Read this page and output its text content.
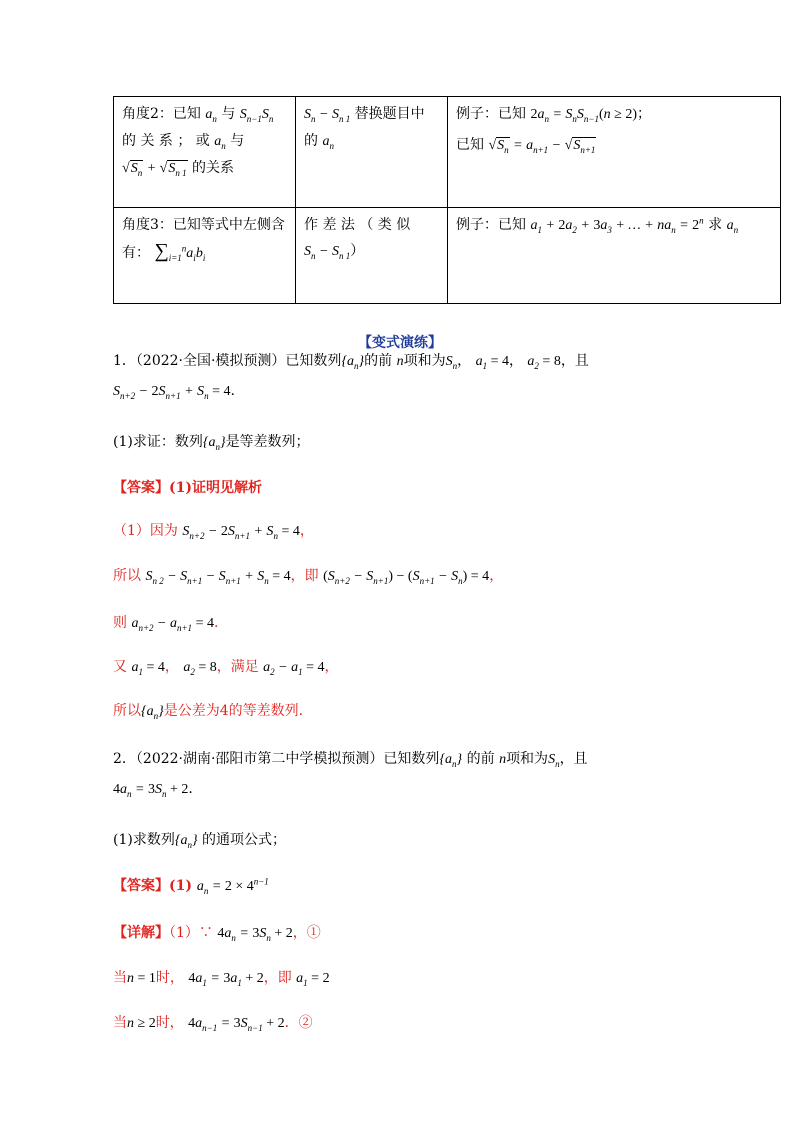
角度2：已知 $a_n$ 与 $S_{n-1}S_n$
的 关 系 ； 或 $a_n$ 与
$√S_n + √S_{n 1}$ 的关系	$S_n - S_{n 1}$ 替换题目中
的 $a_n$	例子：已知 $2a_n = S_nS_{n-1}(n \ge 2)$；
已知 $√S_n = a_{n+1} - √S_{n+1}$
角度3：已知等式中左侧含
有： $\sum_{i=1}^na_ib_i$	作 差 法 （ 类 似
$S_n - S_{n 1}$）	例子：已知 $a_1 + 2a_2 + 3a_3$ + … + $na_n = 2^n$ 求 $a_n$
【变式演练】
1．（2022·全国·模拟预测）已知数列$\{a_n\}$的前 n项和为$S_n$， $a_1 = 4$， $a_2 = 8$，且
$S_{n+2} - 2S_{n+1} + S_n = 4$.
(1)求证：数列$\{a_n\}$是等差数列；
【答案】(1)证明见解析
（1）因为 $S_{n+2} - 2S_{n+1} + S_n = 4$，
所以 $S_{n 2} - S_{n+1} - S_{n+1} + S_n = 4$，即 $(S_{n+2} - S_{n+1}) - (S_{n+1} - S_n) = 4$，
则 $a_{n+2} - a_{n+1} = 4$.
又 $a_1 = 4$， $a_2 = 8$，满足 $a_2 - a_1 = 4$，
所以$\{a_n\}$是公差为4的等差数列.
2．（2022·湖南·邵阳市第二中学模拟预测）已知数列$\{a_n\}$ 的前 n项和为$S_n$，且
$4a_n = 3S_n + 2$.
(1)求数列$\{a_n\}$ 的通项公式；
【答案】(1) $a_n = 2 \times 4^{n-1}$
【详解】（1）∵ $4a_n = 3S_n + 2$，①
当n = 1时， $4a_1 = 3a_1 + 2$，即 $a_1 = 2$
当n ≥ 2时， $4a_{n-1} = 3S_{n-1} + 2$．②
